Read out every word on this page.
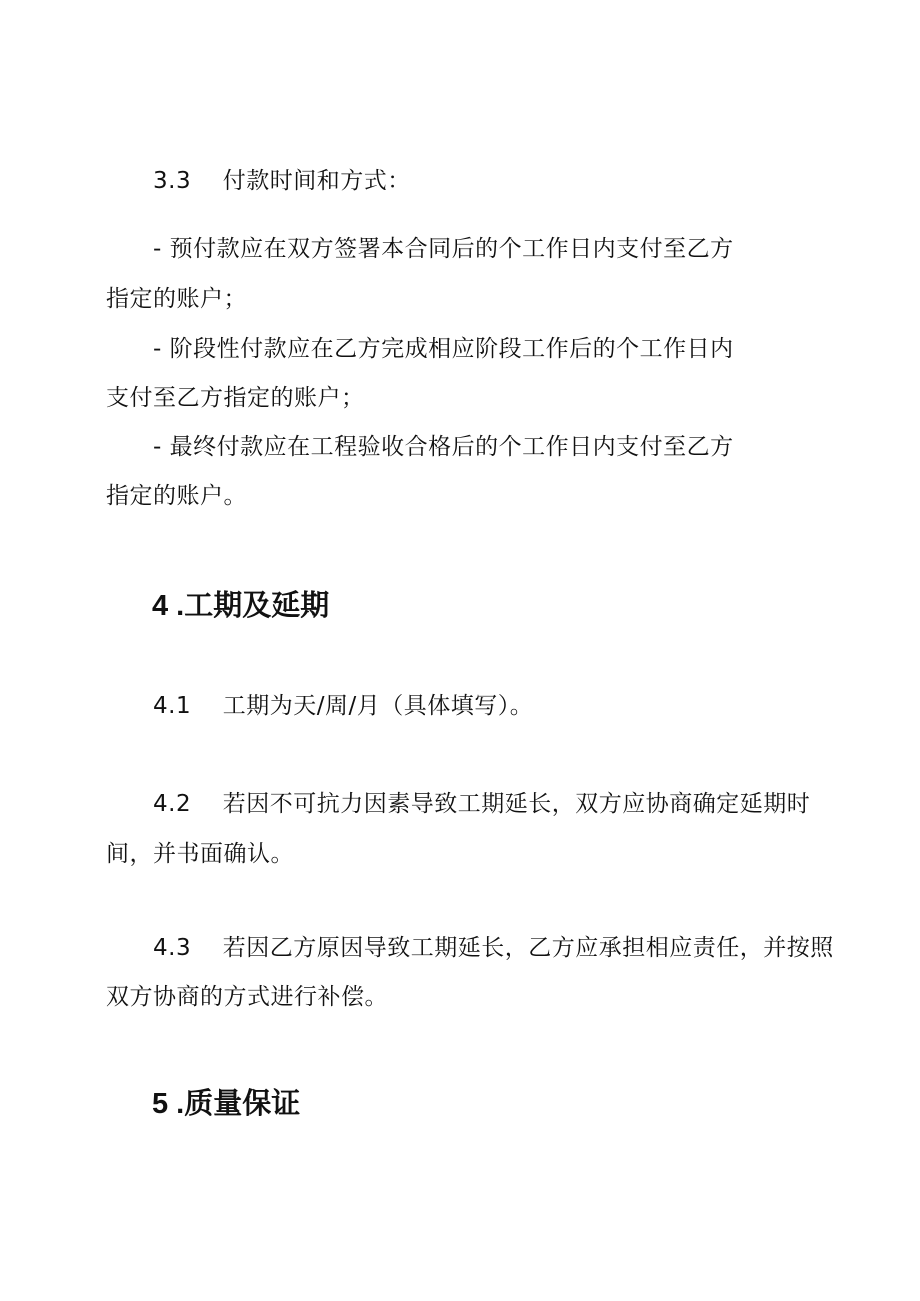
3.3 付款时间和方式：
- 预付款应在双方签署本合同后的个工作日内支付至乙方
指定的账户；
- 阶段性付款应在乙方完成相应阶段工作后的个工作日内
支付至乙方指定的账户；
- 最终付款应在工程验收合格后的个工作日内支付至乙方
指定的账户。
4 .工期及延期
4.1 工期为天/周/月（具体填写）。
4.2 若因不可抗力因素导致工期延长，双方应协商确定延期时
间，并书面确认。
4.3 若因乙方原因导致工期延长，乙方应承担相应责任，并按照
双方协商的方式进行补偿。
5 .质量保证
